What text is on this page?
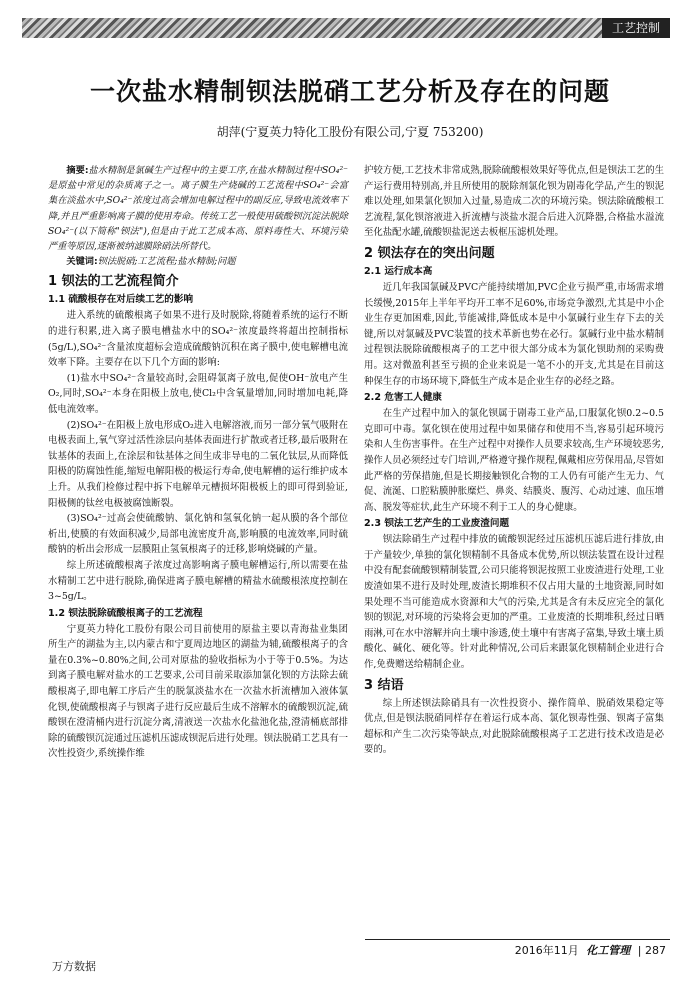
工艺控制
一次盐水精制钡法脱硝工艺分析及存在的问题
胡萍(宁夏英力特化工股份有限公司,宁夏 753200)

摘要:盐水精制是氯碱生产过程中的主要工序,在盐水精制过程中SO₄²⁻是原盐中常见的杂质离子之一。离子膜生产烧碱的工艺流程中SO₄²⁻会富集在淡盐水中,SO₄²⁻浓度过高会增加电解过程中的副反应,导致电流效率下降,并且严重影响离子膜的使用寿命。传统工艺一般使用硫酸钡沉淀法脱除SO₄²⁻(以下简称"钡法"),但是由于此工艺成本高、原料毒性大、环境污染严重等原因,逐渐被纳滤膜除硝法所替代。

关键词:钡法脱硝;工艺流程;盐水精制;问题

1 钡法的工艺流程简介
1.1 硫酸根存在对后续工艺的影响

进入系统的硫酸根离子如果不进行及时脱除,将随着系统的运行不断的进行积累,进入离子膜电槽盐水中的SO₄²⁻浓度最终将超出控制指标(5g/L),SO₄²⁻含量浓度超标会造成硫酸钠沉积在离子膜中,使电解槽电流效率下降。主要存在以下几个方面的影响:

(1)盐水中SO₄²⁻含量较高时,会阻碍氯离子放电,促使OH⁻放电产生O₂,同时,SO₄²⁻本身在阳极上放电,使Cl₂中含氧量增加,同时增加电耗,降低电流效率。

(2)SO₄²⁻在阳极上放电形成O₂进入电解溶液,而另一部分氧气吸附在电极表面上,氧气穿过活性涂层向基体表面进行扩散或者迁移,最后吸附在钛基体的表面上,在涂层和钛基体之间生成非导电的二氧化钛层,从而降低阳极的防腐蚀性能,缩短电解阳极的极运行寿命,使电解槽的运行维护成本上升。从我们检修过程中拆下电解单元槽损坏阳极板上的即可得到验证,阳极侧的钛丝电极被腐蚀断裂。

(3)SO₄²⁻过高会使硫酸钠、氯化钠和氢氧化钠一起从膜的各个部位析出,使膜的有效面积减少,局部电流密度升高,影响膜的电流效率,同时硫酸钠的析出会形成一层膜阻止氢氧根离子的迁移,影响烧碱的产量。

综上所述硫酸根离子浓度过高影响离子膜电解槽运行,所以需要在盐水精制工艺中进行脱除,确保进离子膜电解槽的精盐水硫酸根浓度控制在3~5g/L。

1.2 钡法脱除硫酸根离子的工艺流程

宁夏英力特化工股份有限公司目前使用的原盐主要以青海盐业集团所生产的湖盐为主,以内蒙古和宁夏周边地区的湖盐为辅,硫酸根离子的含量在0.3%~0.80%之间,公司对原盐的验收指标为小于等于0.5%。为达到离子膜电解对盐水的工艺要求,公司目前采取添加氯化钡的方法除去硫酸根离子,即电解工序后产生的脱氯淡盐水在一次盐水折流槽加入液体氯化钡,使硫酸根离子与钡离子进行反应最后生成不溶解水的硫酸钡沉淀,硫酸钡在澄清桶内进行沉淀分离,清液送一次盐水化盐池化盐,澄清桶底部排除的硫酸钡沉淀通过压滤机压滤成钡泥后进行处理。钡法脱硝工艺具有一次性投资少,系统操作维

护较方便,工艺技术非常成熟,脱除硫酸根效果好等优点,但是钡法工艺的生产运行费用特别高,并且所使用的脱除剂氯化钡为剧毒化学品,产生的钡泥难以处理,如果氯化钡加入过量,易造成二次的环境污染。钡法除硫酸根工艺流程,氯化钡溶液进入折流槽与淡盐水混合后进入沉降器,合格盐水溢流至化盐配水罐,硫酸钡盐泥送去板框压滤机处理。

2 钡法存在的突出问题
2.1 运行成本高

近几年我国氯碱及PVC产能持续增加,PVC企业亏损严重,市场需求增长缓慢,2015年上半年平均开工率不足60%,市场竞争激烈,尤其是中小企业生存更加困难,因此,节能减排,降低成本是中小氯碱行业生存下去的关键,所以对氯碱及PVC装置的技术革新也势在必行。氯碱行业中盐水精制过程钡法脱除硫酸根离子的工艺中很大部分成本为氯化钡助剂的采购费用。这对微盈利甚至亏损的企业来说是一笔不小的开支,尤其是在目前这种保生存的市场环境下,降低生产成本是企业生存的必经之路。

2.2 危害工人健康

在生产过程中加入的氯化钡属于剧毒工业产品,口服氯化钡0.2~0.5克即可中毒。氯化钡在使用过程中如果储存和使用不当,容易引起环境污染和人生伤害事件。在生产过程中对操作人员要求较高,生产环境较恶劣,操作人员必须经过专门培训,严格遵守操作规程,佩戴相应劳保用品,尽管如此严格的劳保措施,但是长期接触钡化合物的工人仍有可能产生无力、气促、流涎、口腔粘膜肿胀糜烂、鼻炎、结膜炎、腹泻、心动过速、血压增高、脱发等症状,此生产环境不利于工人的身心健康。

2.3 钡法工艺产生的工业废渣问题

钡法除硝生产过程中排放的硫酸钡泥经过压滤机压滤后进行排放,由于产量较少,单独的氯化钡精制不具备成本优势,所以钡法装置在设计过程中没有配套硫酸钡精制装置,公司只能将钡泥按照工业废渣进行处理,工业废渣如果不进行及时处理,废渣长期堆积不仅占用大量的土地资源,同时如果处理不当可能造成水资源和大气的污染,尤其是含有未反应完全的氯化钡的钡泥,对环境的污染将会更加的严重。工业废渣的长期堆积,经过日晒雨淋,可在水中溶解并向土壤中渗透,使土壤中有害离子富集,导致土壤土质酸化、碱化、硬化等。针对此种情况,公司后来跟氯化钡精制企业进行合作,免费赠送给精制企业。

3 结语

综上所述钡法除硝具有一次性投资小、操作简单、脱硝效果稳定等优点,但是钡法脱硝同样存在着运行成本高、氯化钡毒性强、钡离子富集超标和产生二次污染等缺点,对此脱除硫酸根离子工艺进行技术改造是必要的。

2016年11月 化工管理 | 287
万方数据
